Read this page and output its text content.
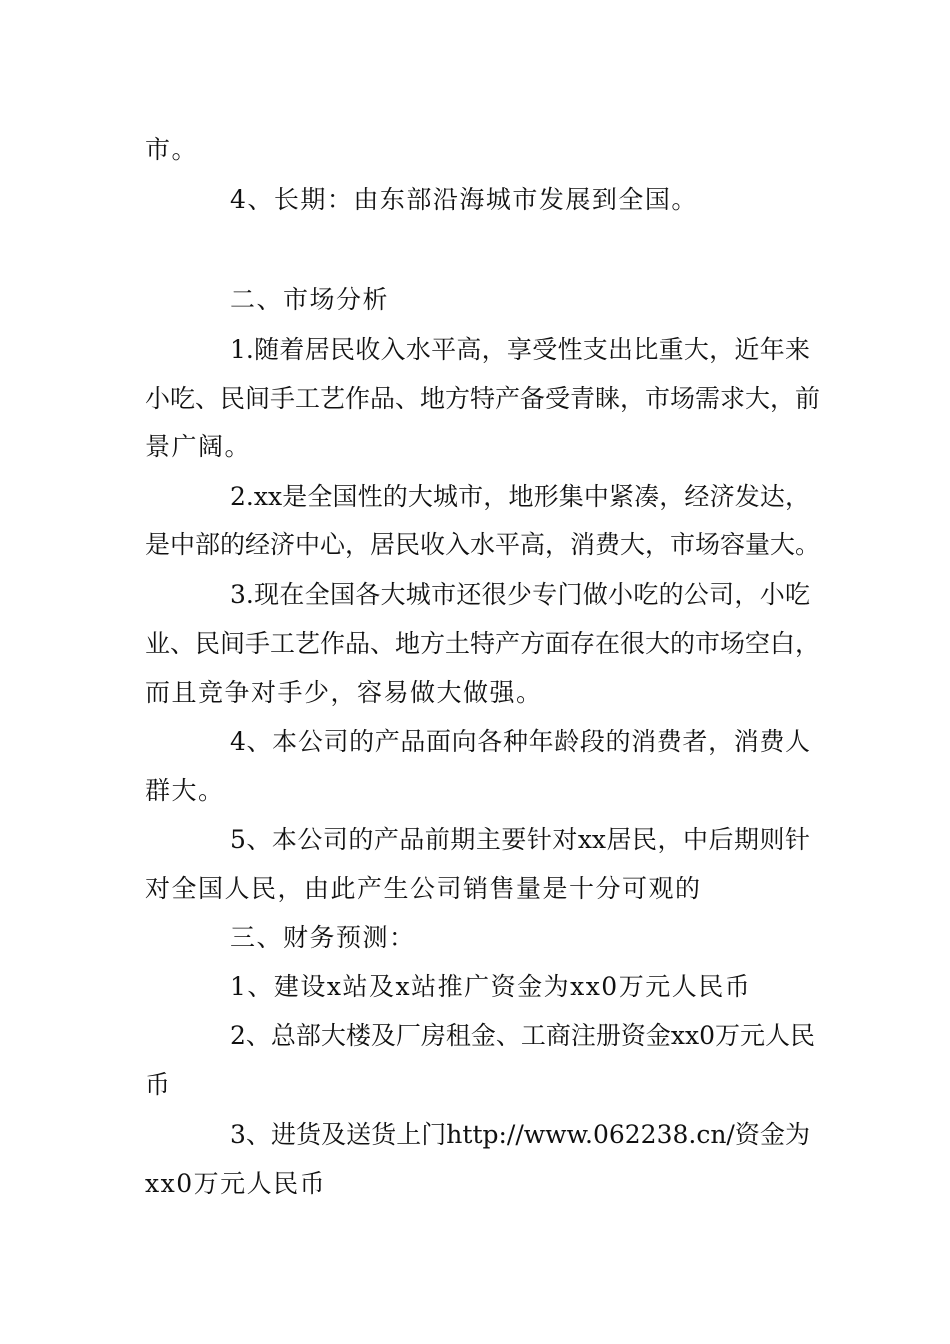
市。
4、长期：由东部沿海城市发展到全国。
二、市场分析
1.随着居民收入水平高，享受性支出比重大，近年来
小吃、民间手工艺作品、地方特产备受青睐，市场需求大，前
景广阔。
2.xx是全国性的大城市，地形集中紧凑，经济发达，
是中部的经济中心，居民收入水平高，消费大，市场容量大。
3.现在全国各大城市还很少专门做小吃的公司，小吃
业、民间手工艺作品、地方土特产方面存在很大的市场空白，
而且竞争对手少，容易做大做强。
4、本公司的产品面向各种年龄段的消费者，消费人
群大。
5、本公司的产品前期主要针对xx居民，中后期则针
对全国人民，由此产生公司销售量是十分可观的
三、财务预测：
1、建设x站及x站推广资金为xx0万元人民币
2、总部大楼及厂房租金、工商注册资金xx0万元人民
币
3、进货及送货上门http://www.062238.cn/资金为
xx0万元人民币
